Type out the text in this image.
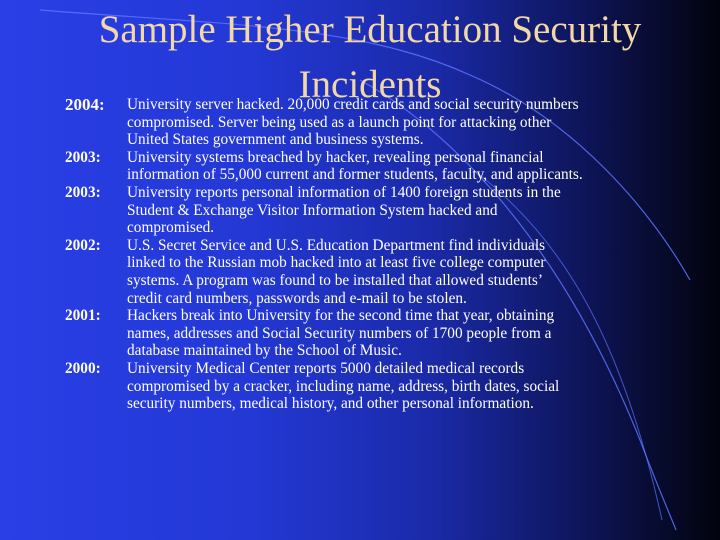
Sample Higher Education Security
Incidents
2004:	University server hacked. 20,000 credit cards and social security numbers
compromised. Server being used as a launch point for attacking other
United States government and business systems.
2003:	University systems breached by hacker, revealing personal financial
information of 55,000 current and former students, faculty, and applicants.
2003:	University reports personal information of 1400 foreign students in the
Student & Exchange Visitor Information System hacked and
compromised.
2002:	U.S. Secret Service and U.S. Education Department find individuals
linked to the Russian mob hacked into at least five college computer
systems. A program was found to be installed that allowed students’
credit card numbers, passwords and e-mail to be stolen.
2001:	Hackers break into University for the second time that year, obtaining
names, addresses and Social Security numbers of 1700 people from a
database maintained by the School of Music.
2000:	University Medical Center reports 5000 detailed medical records
compromised by a cracker, including name, address, birth dates, social
security numbers, medical history, and other personal information.
